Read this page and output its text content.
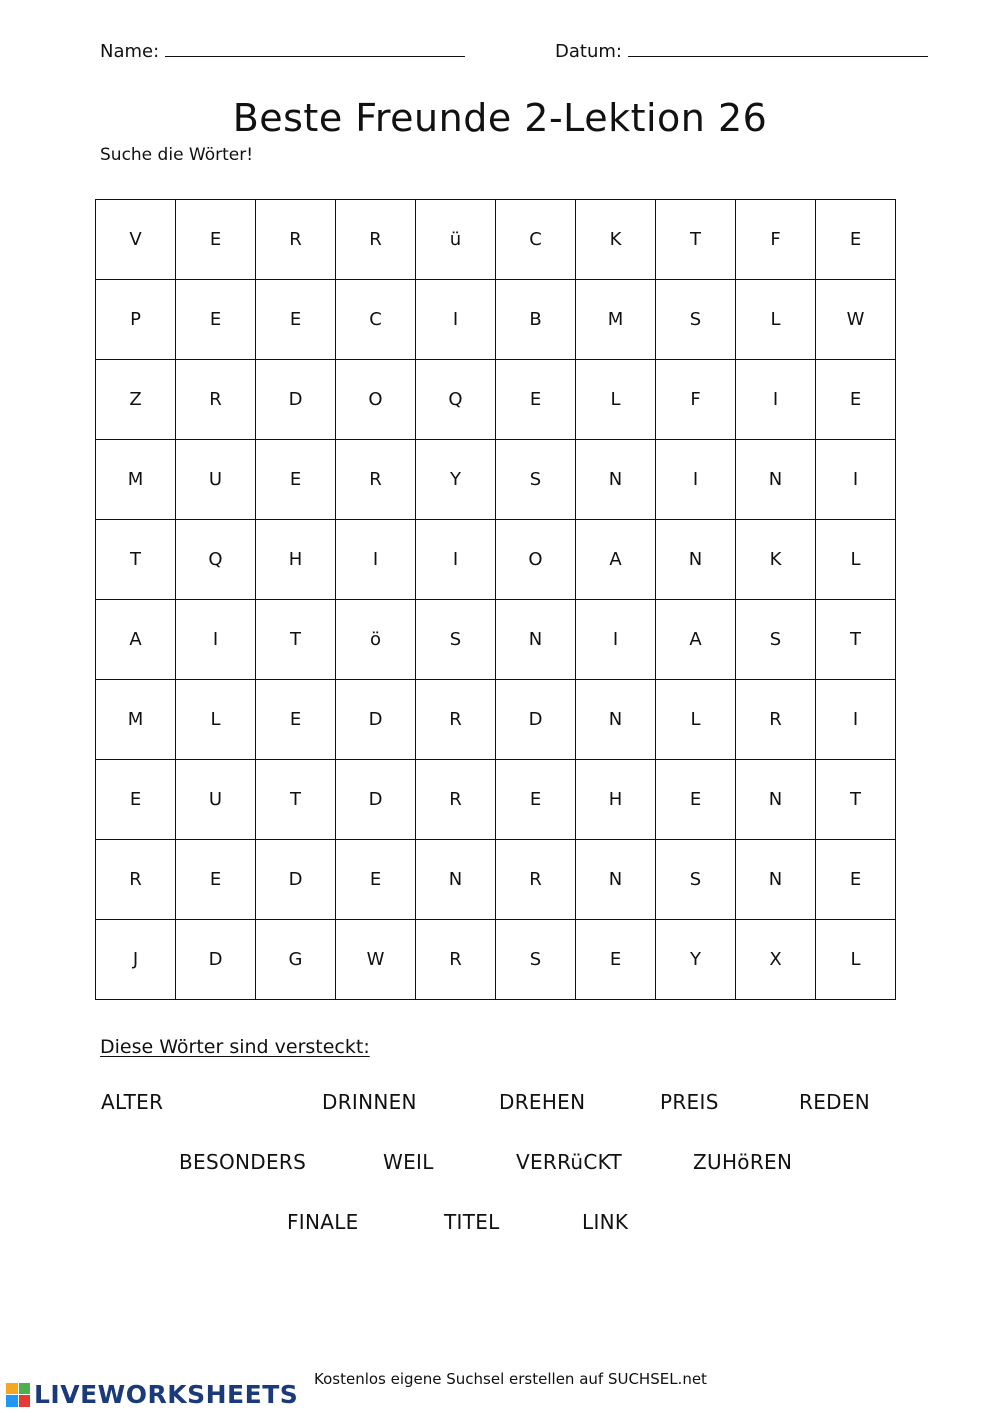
Name:	Datum:
Beste Freunde 2-Lektion 26
Suche die Wörter!
V	E	R	R	ü	C	K	T	F	E
P	E	E	C	I	B	M	S	L	W
Z	R	D	O	Q	E	L	F	I	E
M	U	E	R	Y	S	N	I	N	I
T	Q	H	I	I	O	A	N	K	L
A	I	T	ö	S	N	I	A	S	T
M	L	E	D	R	D	N	L	R	I
E	U	T	D	R	E	H	E	N	T
R	E	D	E	N	R	N	S	N	E
J	D	G	W	R	S	E	Y	X	L
Diese Wörter sind versteckt:
ALTER	DRINNEN	DREHEN	PREIS	REDEN
BESONDERS	WEIL	VERRüCKT	ZUHöREN
FINALE	TITEL	LINK
Kostenlos eigene Suchsel erstellen auf SUCHSEL.net
LIVEWORKSHEETS
